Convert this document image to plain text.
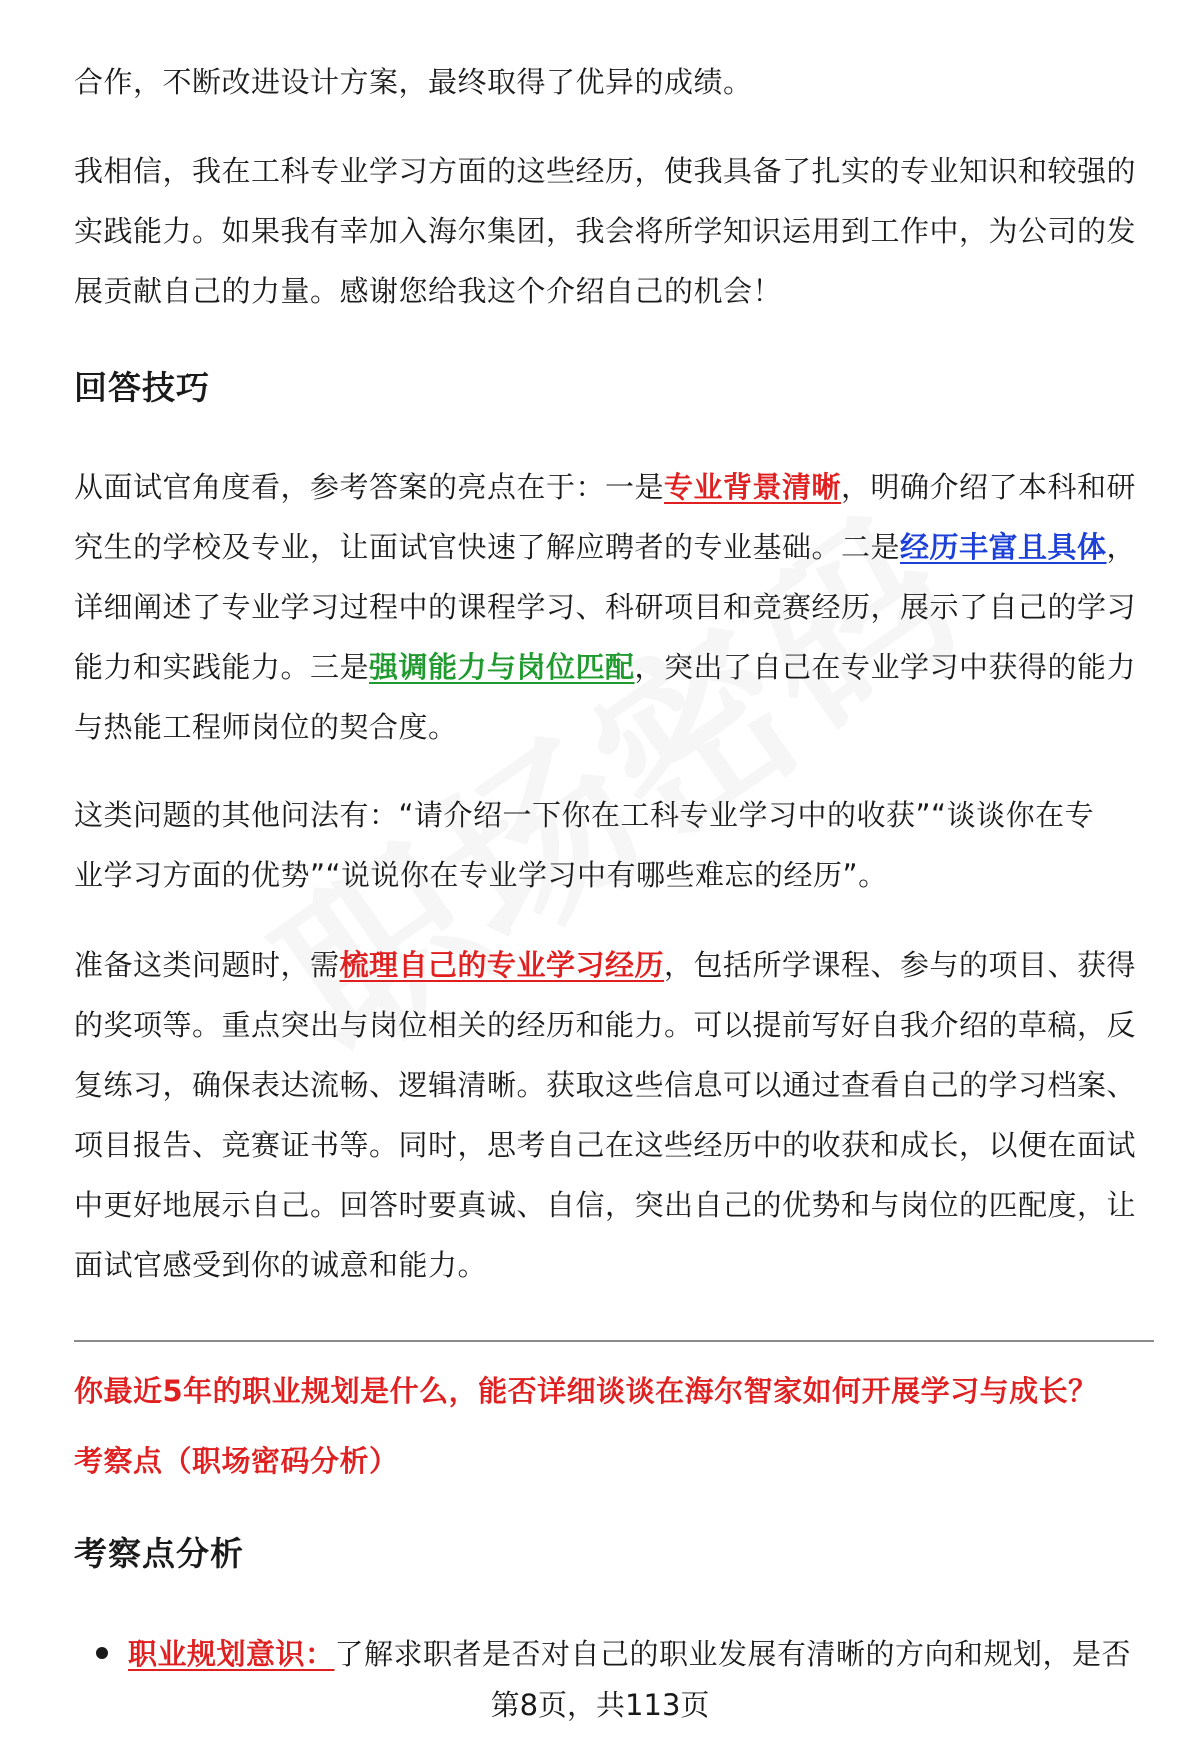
合作，不断改进设计方案，最终取得了优异的成绩。

我相信，我在工科专业学习方面的这些经历，使我具备了扎实的专业知识和较强的
实践能力。如果我有幸加入海尔集团，我会将所学知识运用到工作中，为公司的发
展贡献自己的力量。感谢您给我这个介绍自己的机会！

回答技巧

从面试官角度看，参考答案的亮点在于：一是专业背景清晰，明确介绍了本科和研
究生的学校及专业，让面试官快速了解应聘者的专业基础。二是经历丰富且具体，
详细阐述了专业学习过程中的课程学习、科研项目和竞赛经历，展示了自己的学习
能力和实践能力。三是强调能力与岗位匹配，突出了自己在专业学习中获得的能力
与热能工程师岗位的契合度。

这类问题的其他问法有：“请介绍一下你在工科专业学习中的收获”“谈谈你在专
业学习方面的优势”“说说你在专业学习中有哪些难忘的经历”。

准备这类问题时，需梳理自己的专业学习经历，包括所学课程、参与的项目、获得
的奖项等。重点突出与岗位相关的经历和能力。可以提前写好自我介绍的草稿，反
复练习，确保表达流畅、逻辑清晰。获取这些信息可以通过查看自己的学习档案、
项目报告、竞赛证书等。同时，思考自己在这些经历中的收获和成长，以便在面试
中更好地展示自己。回答时要真诚、自信，突出自己的优势和与岗位的匹配度，让
面试官感受到你的诚意和能力。

你最近5年的职业规划是什么，能否详细谈谈在海尔智家如何开展学习与成长？

考察点（职场密码分析）

考察点分析
职业规划意识：了解求职者是否对自己的职业发展有清晰的方向和规划，是否
第8页，共113页
